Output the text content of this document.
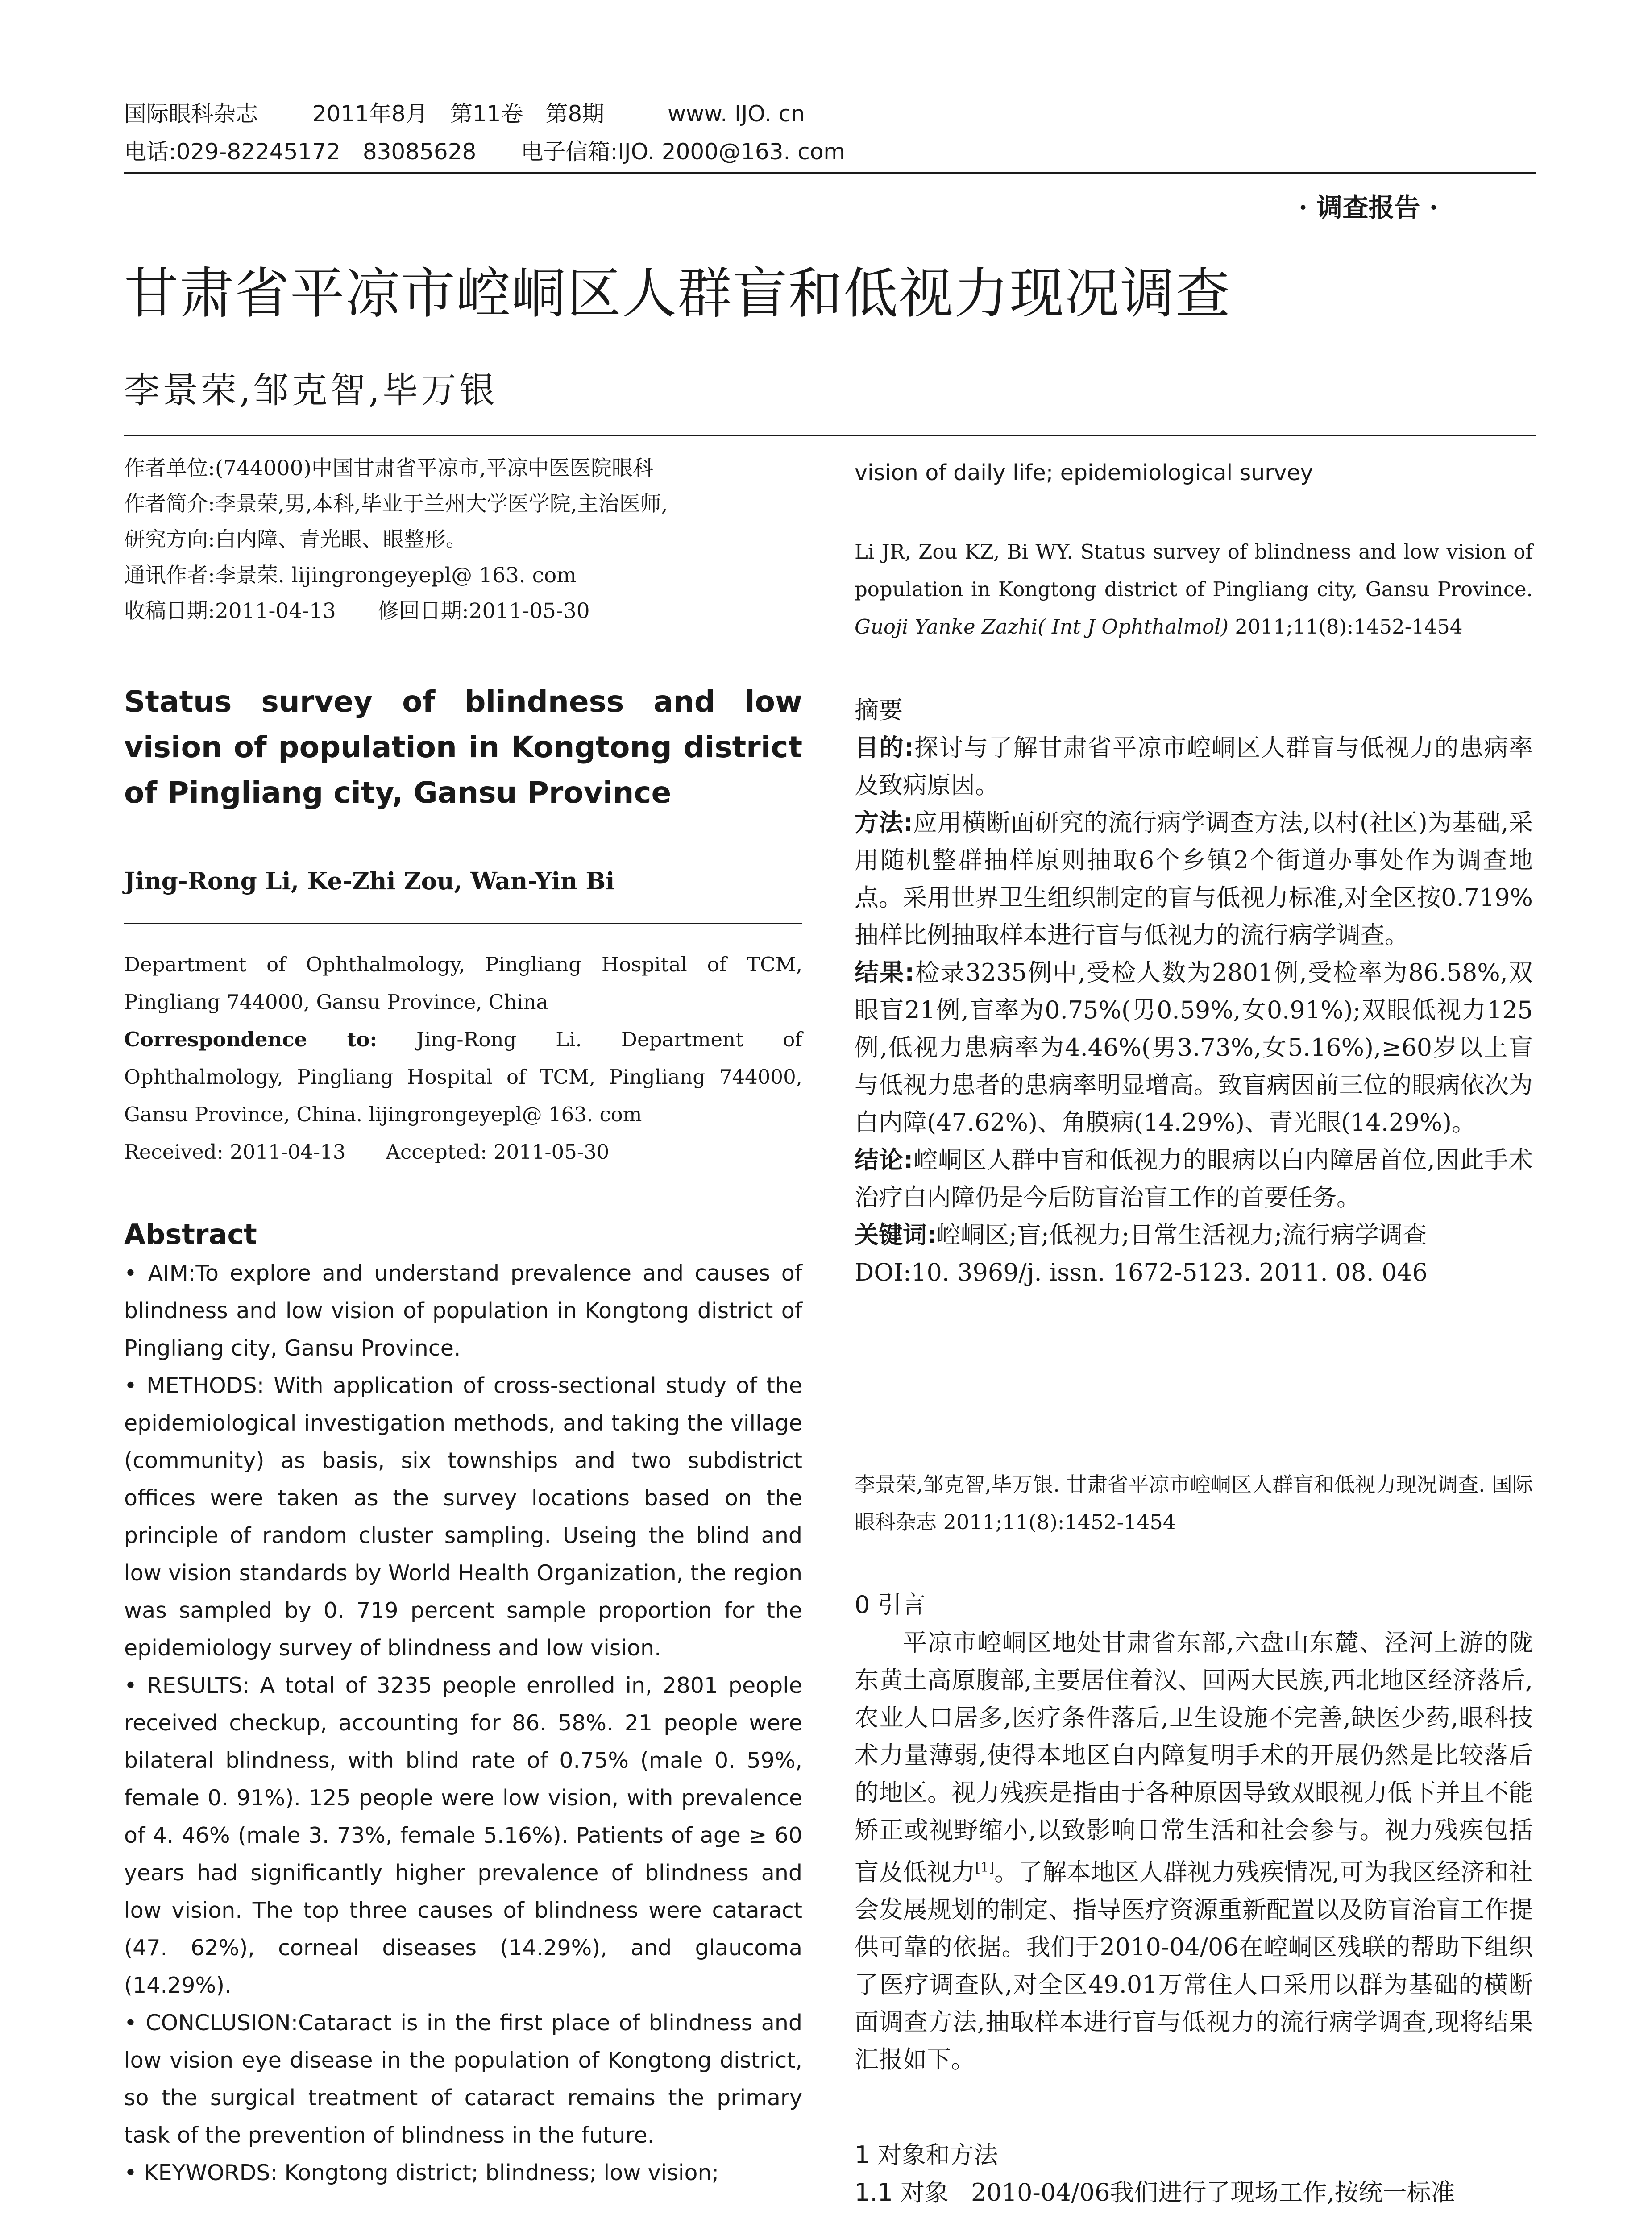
国际眼科杂志 2011年8月　第11卷　第8期	www. IJO. cn
电话:029-82245172　83085628　　电子信箱:IJO. 2000@163. com
· 调查报告 ·
甘肃省平凉市崆峒区人群盲和低视力现况调查
李景荣,邹克智,毕万银
作者单位:(744000)中国甘肃省平凉市,平凉中医医院眼科
作者简介:李景荣,男,本科,毕业于兰州大学医学院,主治医师,
研究方向:白内障、青光眼、眼整形。
通讯作者:李景荣. lijingrongeyepl@ 163. com
收稿日期:2011-04-13　　修回日期:2011-05-30
Status survey of blindness and low vision of population in Kongtong district of Pingliang city, Gansu Province
Jing-Rong Li, Ke-Zhi Zou, Wan-Yin Bi
Department of Ophthalmology, Pingliang Hospital of TCM, Pingliang 744000, Gansu Province, China
Correspondence to: Jing-Rong Li. Department of Ophthalmology, Pingliang Hospital of TCM, Pingliang 744000, Gansu Province, China. lijingrongeyepl@ 163. com
Received: 2011-04-13　　Accepted: 2011-05-30
Abstract

• AIM:To explore and understand prevalence and causes of blindness and low vision of population in Kongtong district of Pingliang city, Gansu Province.

• METHODS: With application of cross-sectional study of the epidemiological investigation methods, and taking the village (community) as basis, six townships and two subdistrict offices were taken as the survey locations based on the principle of random cluster sampling. Useing the blind and low vision standards by World Health Organization, the region was sampled by 0. 719 percent sample proportion for the epidemiology survey of blindness and low vision.

• RESULTS: A total of 3235 people enrolled in, 2801 people received checkup, accounting for 86. 58%. 21 people were bilateral blindness, with blind rate of 0.75% (male 0. 59%, female 0. 91%). 125 people were low vision, with prevalence of 4. 46% (male 3. 73%, female 5.16%). Patients of age ≥ 60 years had significantly higher prevalence of blindness and low vision. The top three causes of blindness were cataract (47. 62%), corneal diseases (14.29%), and glaucoma (14.29%).

• CONCLUSION:Cataract is in the first place of blindness and low vision eye disease in the population of Kongtong district, so the surgical treatment of cataract remains the primary task of the prevention of blindness in the future.

• KEYWORDS: Kongtong district; blindness; low vision;

vision of daily life; epidemiological survey
Li JR, Zou KZ, Bi WY. Status survey of blindness and low vision of population in Kongtong district of Pingliang city, Gansu Province. Guoji Yanke Zazhi( Int J Ophthalmol) 2011;11(8):1452-1454
摘要

目的:探讨与了解甘肃省平凉市崆峒区人群盲与低视力的患病率及致病原因。

方法:应用横断面研究的流行病学调查方法,以村(社区)为基础,采用随机整群抽样原则抽取6个乡镇2个街道办事处作为调查地点。采用世界卫生组织制定的盲与低视力标准,对全区按0.719%抽样比例抽取样本进行盲与低视力的流行病学调查。

结果:检录3235例中,受检人数为2801例,受检率为86.58%,双眼盲21例,盲率为0.75%(男0.59%,女0.91%);双眼低视力125例,低视力患病率为4.46%(男3.73%,女5.16%),≥60岁以上盲与低视力患者的患病率明显增高。致盲病因前三位的眼病依次为白内障(47.62%)、角膜病(14.29%)、青光眼(14.29%)。

结论:崆峒区人群中盲和低视力的眼病以白内障居首位,因此手术治疗白内障仍是今后防盲治盲工作的首要任务。

关键词:崆峒区;盲;低视力;日常生活视力;流行病学调查

DOI:10. 3969/j. issn. 1672-5123. 2011. 08. 046

李景荣,邹克智,毕万银. 甘肃省平凉市崆峒区人群盲和低视力现况调查. 国际眼科杂志 2011;11(8):1452-1454
0 引言

平凉市崆峒区地处甘肃省东部,六盘山东麓、泾河上游的陇东黄土高原腹部,主要居住着汉、回两大民族,西北地区经济落后,农业人口居多,医疗条件落后,卫生设施不完善,缺医少药,眼科技术力量薄弱,使得本地区白内障复明手术的开展仍然是比较落后的地区。视力残疾是指由于各种原因导致双眼视力低下并且不能矫正或视野缩小,以致影响日常生活和社会参与。视力残疾包括盲及低视力[1]。了解本地区人群视力残疾情况,可为我区经济和社会发展规划的制定、指导医疗资源重新配置以及防盲治盲工作提供可靠的依据。我们于2010-04/06在崆峒区残联的帮助下组织了医疗调查队,对全区49.01万常住人口采用以群为基础的横断面调查方法,抽取样本进行盲与低视力的流行病学调查,现将结果汇报如下。

1 对象和方法
1.1 对象 2010-04/06我们进行了现场工作,按统一标准
